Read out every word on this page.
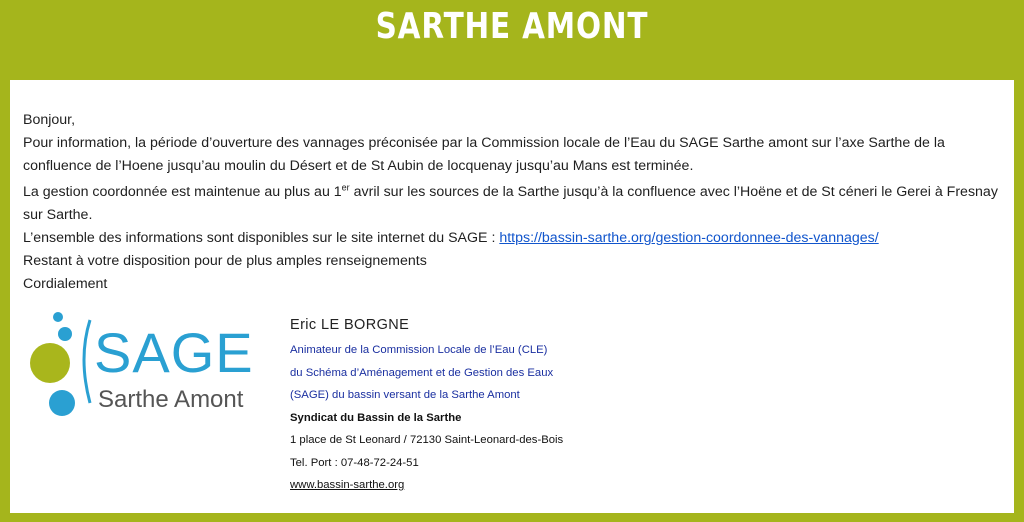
SARTHE AMONT

Bonjour,

Pour information, la période d’ouverture des vannages préconisée par la Commission locale de l’Eau du SAGE Sarthe amont sur l’axe Sarthe de la confluence de l’Hoene jusqu’au moulin du Désert et de St Aubin de locquenay jusqu’au Mans est terminée.

La gestion coordonnée est maintenue au plus au 1er avril sur les sources de la Sarthe jusqu’à la confluence avec l’Hoëne et de St céneri le Gerei à Fresnay sur Sarthe.

L’ensemble des informations sont disponibles sur le site internet du SAGE : https://bassin-sarthe.org/gestion-coordonnee-des-vannages/

Restant à votre disposition pour de plus amples renseignements

Cordialement

SAGE
Sarthe Amont
Eric LE BORGNE
Animateur de la Commission Locale de l’Eau (CLE)
du Schéma d’Aménagement et de Gestion des Eaux
(SAGE) du bassin versant de la Sarthe Amont
Syndicat du Bassin de la Sarthe
1 place de St Leonard / 72130 Saint-Leonard-des-Bois
Tel. Port : 07-48-72-24-51
www.bassin-sarthe.org
